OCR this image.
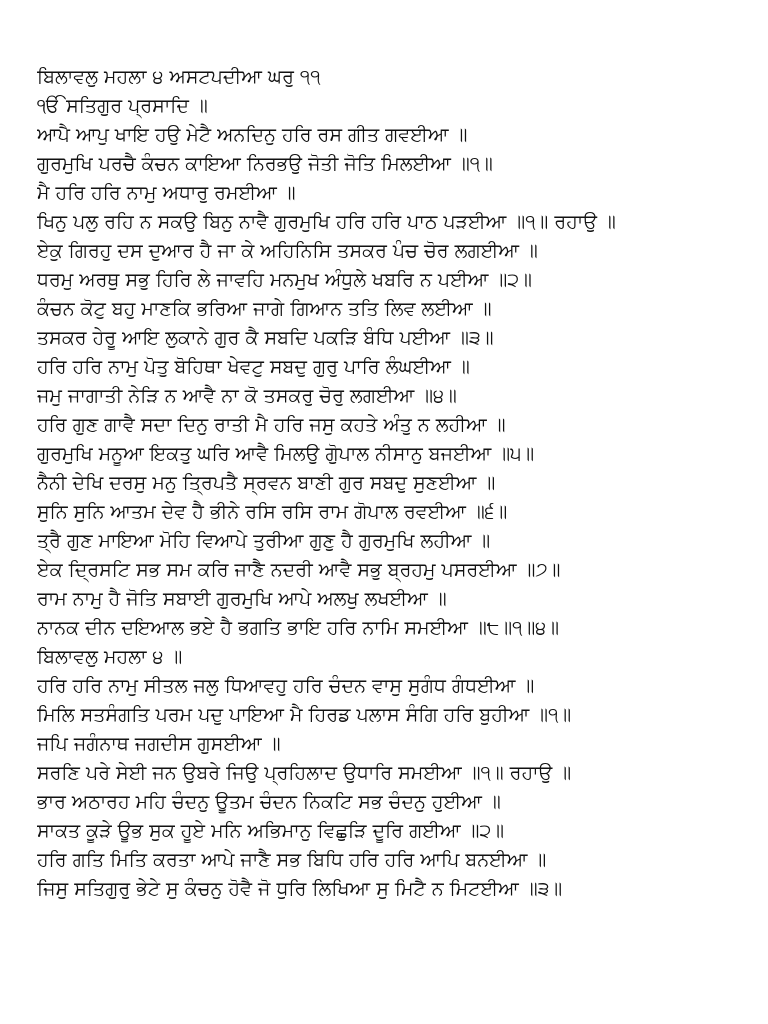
ਬਿਲਾਵਲੁ ਮਹਲਾ ੪ ਅਸਟਪਦੀਆ ਘਰੁ ੧੧
ੴ ਸਤਿਗੁਰ ਪ੍ਰਸਾਦਿ ॥
ਆਪੈ ਆਪੁ ਖਾਇ ਹਉ ਮੇਟੈ ਅਨਦਿਨੁ ਹਰਿ ਰਸ ਗੀਤ ਗਵਈਆ ॥
ਗੁਰਮੁਖਿ ਪਰਚੈ ਕੰਚਨ ਕਾਇਆ ਨਿਰਭਉ ਜੋਤੀ ਜੋਤਿ ਮਿਲਈਆ ॥੧॥
ਮੈ ਹਰਿ ਹਰਿ ਨਾਮੁ ਅਧਾਰੁ ਰਮਈਆ ॥
ਖਿਨੁ ਪਲੁ ਰਹਿ ਨ ਸਕਉ ਬਿਨੁ ਨਾਵੈ ਗੁਰਮੁਖਿ ਹਰਿ ਹਰਿ ਪਾਠ ਪੜਈਆ ॥੧॥ ਰਹਾਉ ॥
ਏਕੁ ਗਿਰਹੁ ਦਸ ਦੁਆਰ ਹੈ ਜਾ ਕੇ ਅਹਿਨਿਸਿ ਤਸਕਰ ਪੰਚ ਚੋਰ ਲਗਈਆ ॥
ਧਰਮੁ ਅਰਥੁ ਸਭੁ ਹਿਰਿ ਲੇ ਜਾਵਹਿ ਮਨਮੁਖ ਅੰਧੁਲੇ ਖਬਰਿ ਨ ਪਈਆ ॥੨॥
ਕੰਚਨ ਕੋਟੁ ਬਹੁ ਮਾਣਕਿ ਭਰਿਆ ਜਾਗੇ ਗਿਆਨ ਤਤਿ ਲਿਵ ਲਈਆ ॥
ਤਸਕਰ ਹੇਰੂ ਆਇ ਲੁਕਾਨੇ ਗੁਰ ਕੈ ਸਬਦਿ ਪਕੜਿ ਬੰਧਿ ਪਈਆ ॥੩॥
ਹਰਿ ਹਰਿ ਨਾਮੁ ਪੋਤੁ ਬੋਹਿਥਾ ਖੇਵਟੁ ਸਬਦੁ ਗੁਰੁ ਪਾਰਿ ਲੰਘਈਆ ॥
ਜਮੁ ਜਾਗਾਤੀ ਨੇੜਿ ਨ ਆਵੈ ਨਾ ਕੋ ਤਸਕਰੁ ਚੋਰੁ ਲਗਈਆ ॥੪॥
ਹਰਿ ਗੁਣ ਗਾਵੈ ਸਦਾ ਦਿਨੁ ਰਾਤੀ ਮੈ ਹਰਿ ਜਸੁ ਕਹਤੇ ਅੰਤੁ ਨ ਲਹੀਆ ॥
ਗੁਰਮੁਖਿ ਮਨੂਆ ਇਕਤੁ ਘਰਿ ਆਵੈ ਮਿਲਉ ਗੋੁਪਾਲ ਨੀਸਾਨੁ ਬਜਈਆ ॥੫॥
ਨੈਨੀ ਦੇਖਿ ਦਰਸੁ ਮਨੁ ਤ੍ਰਿਪਤੈ ਸ੍ਰਵਨ ਬਾਣੀ ਗੁਰ ਸਬਦੁ ਸੁਣਈਆ ॥
ਸੁਨਿ ਸੁਨਿ ਆਤਮ ਦੇਵ ਹੈ ਭੀਨੇ ਰਸਿ ਰਸਿ ਰਾਮ ਗੋਪਾਲ ਰਵਈਆ ॥੬॥
ਤ੍ਰੈ ਗੁਣ ਮਾਇਆ ਮੋਹਿ ਵਿਆਪੇ ਤੁਰੀਆ ਗੁਣੁ ਹੈ ਗੁਰਮੁਖਿ ਲਹੀਆ ॥
ਏਕ ਦ੍ਰਿਸਟਿ ਸਭ ਸਮ ਕਰਿ ਜਾਣੈ ਨਦਰੀ ਆਵੈ ਸਭੁ ਬ੍ਰਹਮੁ ਪਸਰਈਆ ॥੭॥
ਰਾਮ ਨਾਮੁ ਹੈ ਜੋਤਿ ਸਬਾਈ ਗੁਰਮੁਖਿ ਆਪੇ ਅਲਖੁ ਲਖਈਆ ॥
ਨਾਨਕ ਦੀਨ ਦਇਆਲ ਭਏ ਹੈ ਭਗਤਿ ਭਾਇ ਹਰਿ ਨਾਮਿ ਸਮਈਆ ॥੮॥੧॥੪॥
ਬਿਲਾਵਲੁ ਮਹਲਾ ੪ ॥
ਹਰਿ ਹਰਿ ਨਾਮੁ ਸੀਤਲ ਜਲੁ ਧਿਆਵਹੁ ਹਰਿ ਚੰਦਨ ਵਾਸੁ ਸੁਗੰਧ ਗੰਧਈਆ ॥
ਮਿਲਿ ਸਤਸੰਗਤਿ ਪਰਮ ਪਦੁ ਪਾਇਆ ਮੈ ਹਿਰਡ ਪਲਾਸ ਸੰਗਿ ਹਰਿ ਬੁਹੀਆ ॥੧॥
ਜਪਿ ਜਗੰਨਾਥ ਜਗਦੀਸ ਗੁਸਈਆ ॥
ਸਰਣਿ ਪਰੇ ਸੇਈ ਜਨ ਉਬਰੇ ਜਿਉ ਪ੍ਰਹਿਲਾਦ ਉਧਾਰਿ ਸਮਈਆ ॥੧॥ ਰਹਾਉ ॥
ਭਾਰ ਅਠਾਰਹ ਮਹਿ ਚੰਦਨੁ ਊਤਮ ਚੰਦਨ ਨਿਕਟਿ ਸਭ ਚੰਦਨੁ ਹੁਈਆ ॥
ਸਾਕਤ ਕੂੜੇ ਊਭ ਸੁਕ ਹੂਏ ਮਨਿ ਅਭਿਮਾਨੁ ਵਿਛੁੜਿ ਦੂਰਿ ਗਈਆ ॥੨॥
ਹਰਿ ਗਤਿ ਮਿਤਿ ਕਰਤਾ ਆਪੇ ਜਾਣੈ ਸਭ ਬਿਧਿ ਹਰਿ ਹਰਿ ਆਪਿ ਬਨਈਆ ॥
ਜਿਸੁ ਸਤਿਗੁਰੁ ਭੇਟੇ ਸੁ ਕੰਚਨੁ ਹੋਵੈ ਜੋ ਧੁਰਿ ਲਿਖਿਆ ਸੁ ਮਿਟੈ ਨ ਮਿਟਈਆ ॥੩॥
